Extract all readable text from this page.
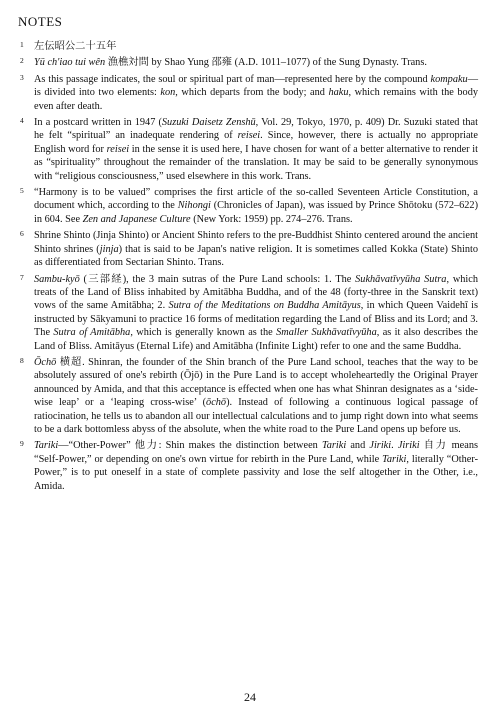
NOTES
1 左伝昭公二十五年
2 Yü ch'iao tui wên 漁樵対問 by Shao Yung 邵雍 (A.D. 1011–1077) of the Sung Dynasty. Trans.
3 As this passage indicates, the soul or spiritual part of man—represented here by the compound kompaku—is divided into two elements: kon, which departs from the body; and haku, which remains with the body even after death.
4 In a postcard written in 1947 (Suzuki Daisetz Zenshū, Vol. 29, Tokyo, 1970, p. 409) Dr. Suzuki stated that he felt “spiritual” an inadequate rendering of reisei. Since, however, there is actually no appropriate English word for reisei in the sense it is used here, I have chosen for want of a better alternative to render it as “spirituality” throughout the remainder of the translation. It may be said to be generally synonymous with “religious consciousness,” used elsewhere in this work. Trans.
5 “Harmony is to be valued” comprises the first article of the so-called Seventeen Article Constitution, a document which, according to the Nihongi (Chronicles of Japan), was issued by Prince Shōtoku (572–622) in 604. See Zen and Japanese Culture (New York: 1959) pp. 274–276. Trans.
6 Shrine Shinto (Jinja Shinto) or Ancient Shinto refers to the pre-Buddhist Shinto centered around the ancient Shinto shrines (jinja) that is said to be Japan's native religion. It is sometimes called Kokka (State) Shinto as differentiated from Sectarian Shinto. Trans.
7 Sambu-kyō (三部経), the 3 main sutras of the Pure Land schools: 1. The Sukhāvatīvyūha Sutra, which treats of the Land of Bliss inhabited by Amitābha Buddha, and of the 48 (forty-three in the Sanskrit text) vows of the same Amitābha; 2. Sutra of the Meditations on Buddha Amitāyus, in which Queen Vaidehī is instructed by Sākyamuni to practice 16 forms of meditation regarding the Land of Bliss and its Lord; and 3. The Sutra of Amitābha, which is generally known as the Smaller Sukhāvatīvyūha, as it also describes the Land of Bliss. Amitāyus (Eternal Life) and Amitābha (Infinite Light) refer to one and the same Buddha.
8 Ōchō 横超. Shinran, the founder of the Shin branch of the Pure Land school, teaches that the way to be absolutely assured of one's rebirth (Ōjō) in the Pure Land is to accept wholeheartedly the Original Prayer announced by Amida, and that this acceptance is effected when one has what Shinran designates as a ‘side-wise leap’ or a ‘leaping cross-wise’ (ōchō). Instead of following a continuous logical passage of ratiocination, he tells us to abandon all our intellectual calculations and to jump right down into what seems to be a dark bottomless abyss of the absolute, when the white road to the Pure Land opens up before us.
9 Tariki—“Other-Power” 他力: Shin makes the distinction between Tariki and Jiriki. Jiriki 自力 means “Self-Power,” or depending on one's own virtue for rebirth in the Pure Land, while Tariki, literally “Other-Power,” is to put oneself in a state of complete passivity and lose the self altogether in the Other, i.e., Amida.
24
